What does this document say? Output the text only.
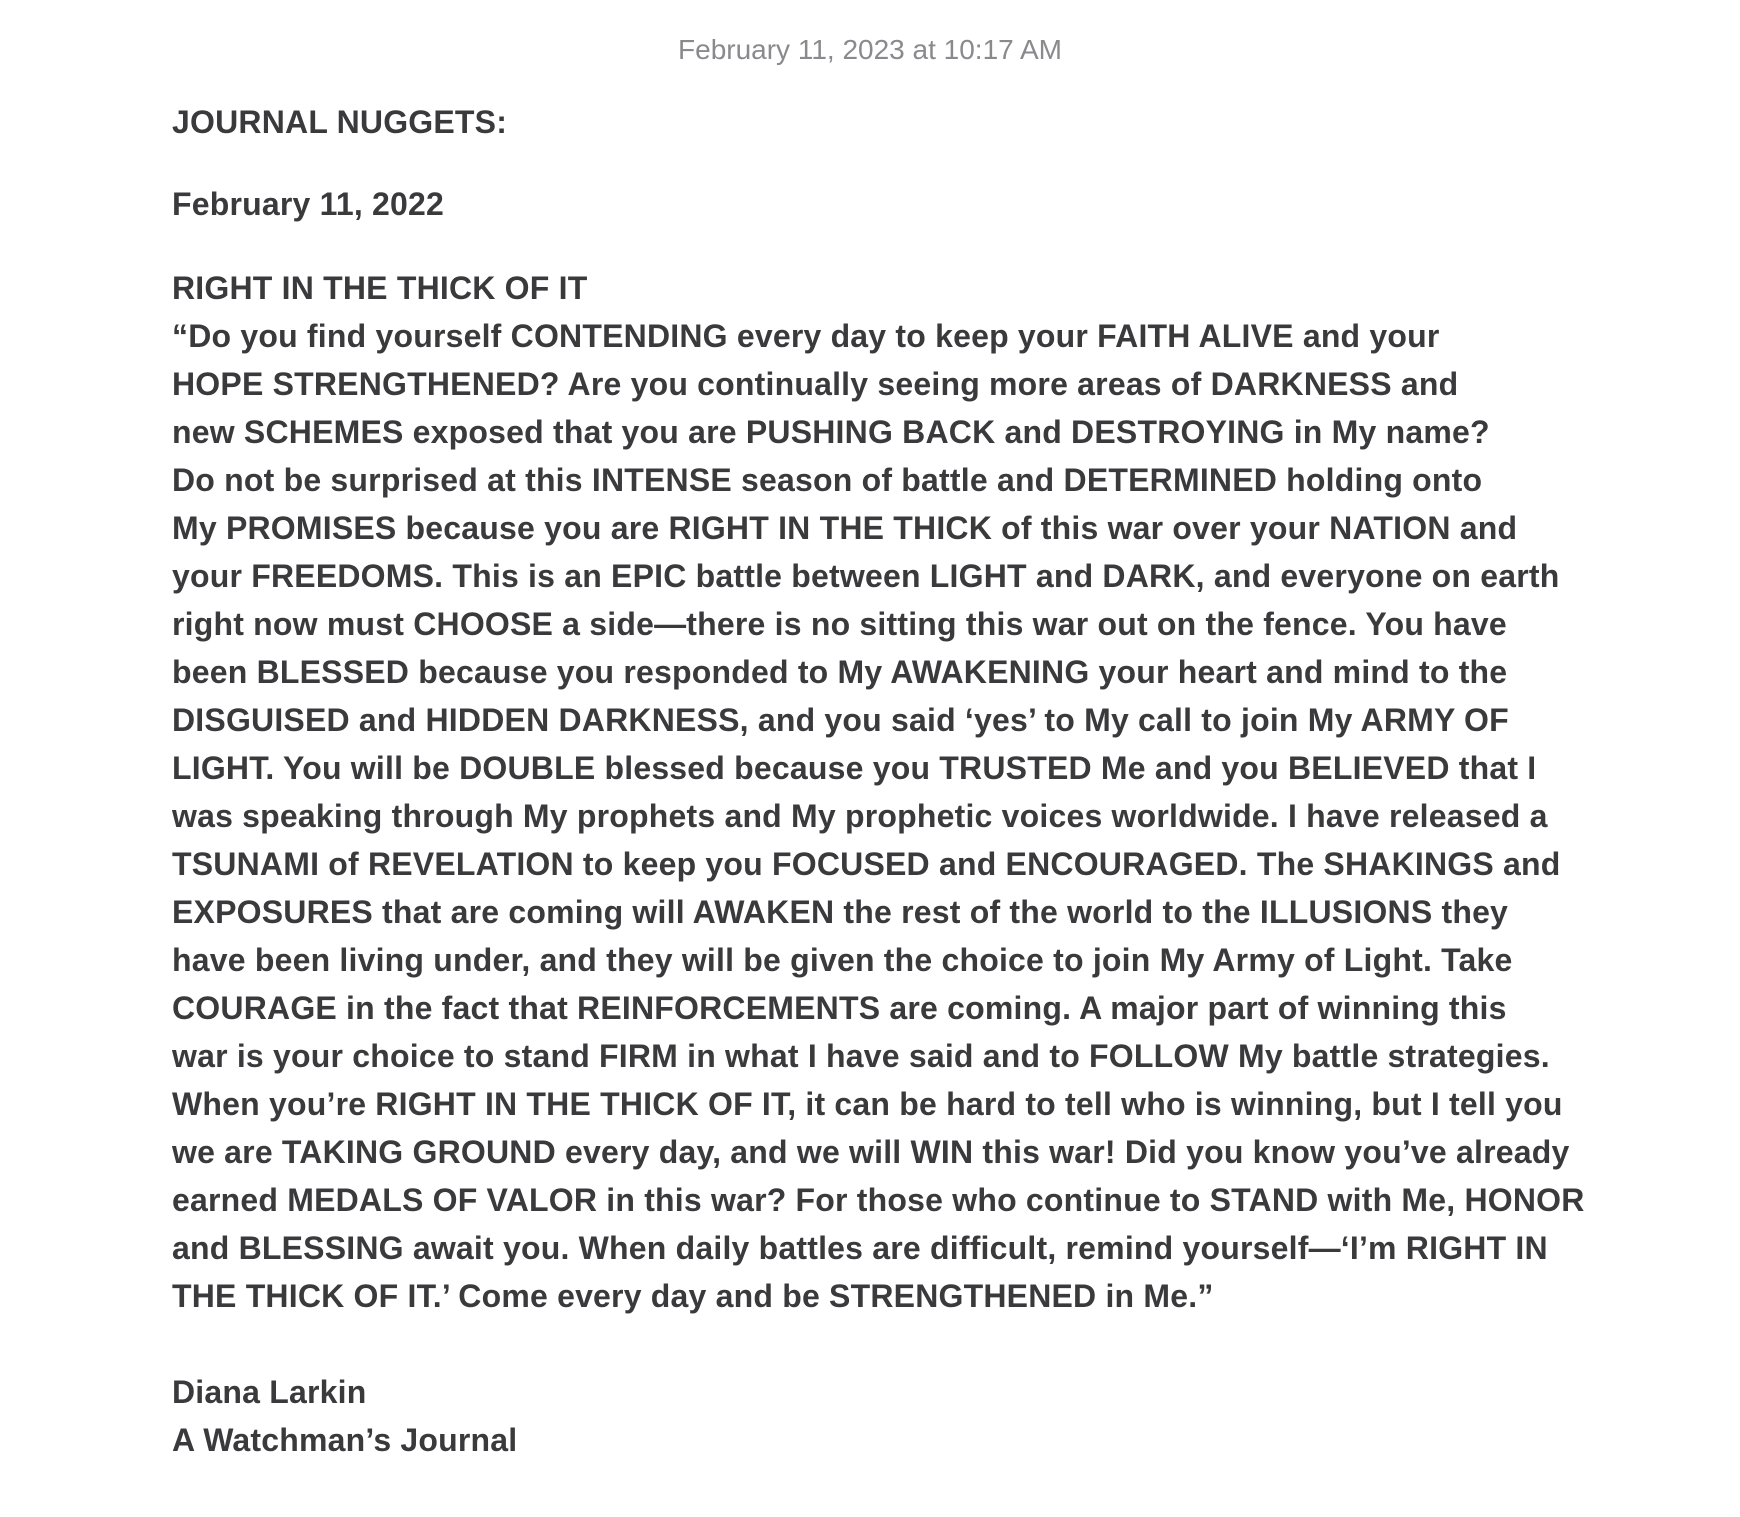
February 11, 2023 at 10:17 AM
JOURNAL NUGGETS:
February 11, 2022
RIGHT IN THE THICK OF IT
“Do you find yourself CONTENDING every day to keep your FAITH ALIVE and your
HOPE STRENGTHENED? Are you continually seeing more areas of DARKNESS and
new SCHEMES exposed that you are PUSHING BACK and DESTROYING in My name?
Do not be surprised at this INTENSE season of battle and DETERMINED holding onto
My PROMISES because you are RIGHT IN THE THICK of this war over your NATION and
your FREEDOMS. This is an EPIC battle between LIGHT and DARK, and everyone on earth
right now must CHOOSE a side—there is no sitting this war out on the fence. You have
been BLESSED because you responded to My AWAKENING your heart and mind to the
DISGUISED and HIDDEN DARKNESS, and you said ‘yes’ to My call to join My ARMY OF
LIGHT. You will be DOUBLE blessed because you TRUSTED Me and you BELIEVED that I
was speaking through My prophets and My prophetic voices worldwide. I have released a
TSUNAMI of REVELATION to keep you FOCUSED and ENCOURAGED. The SHAKINGS and
EXPOSURES that are coming will AWAKEN the rest of the world to the ILLUSIONS they
have been living under, and they will be given the choice to join My Army of Light. Take
COURAGE in the fact that REINFORCEMENTS are coming. A major part of winning this
war is your choice to stand FIRM in what I have said and to FOLLOW My battle strategies.
When you’re RIGHT IN THE THICK OF IT, it can be hard to tell who is winning, but I tell you
we are TAKING GROUND every day, and we will WIN this war! Did you know you’ve already
earned MEDALS OF VALOR in this war? For those who continue to STAND with Me, HONOR
and BLESSING await you. When daily battles are difficult, remind yourself—‘I’m RIGHT IN
THE THICK OF IT.’ Come every day and be STRENGTHENED in Me.”
Diana Larkin
A Watchman’s Journal
